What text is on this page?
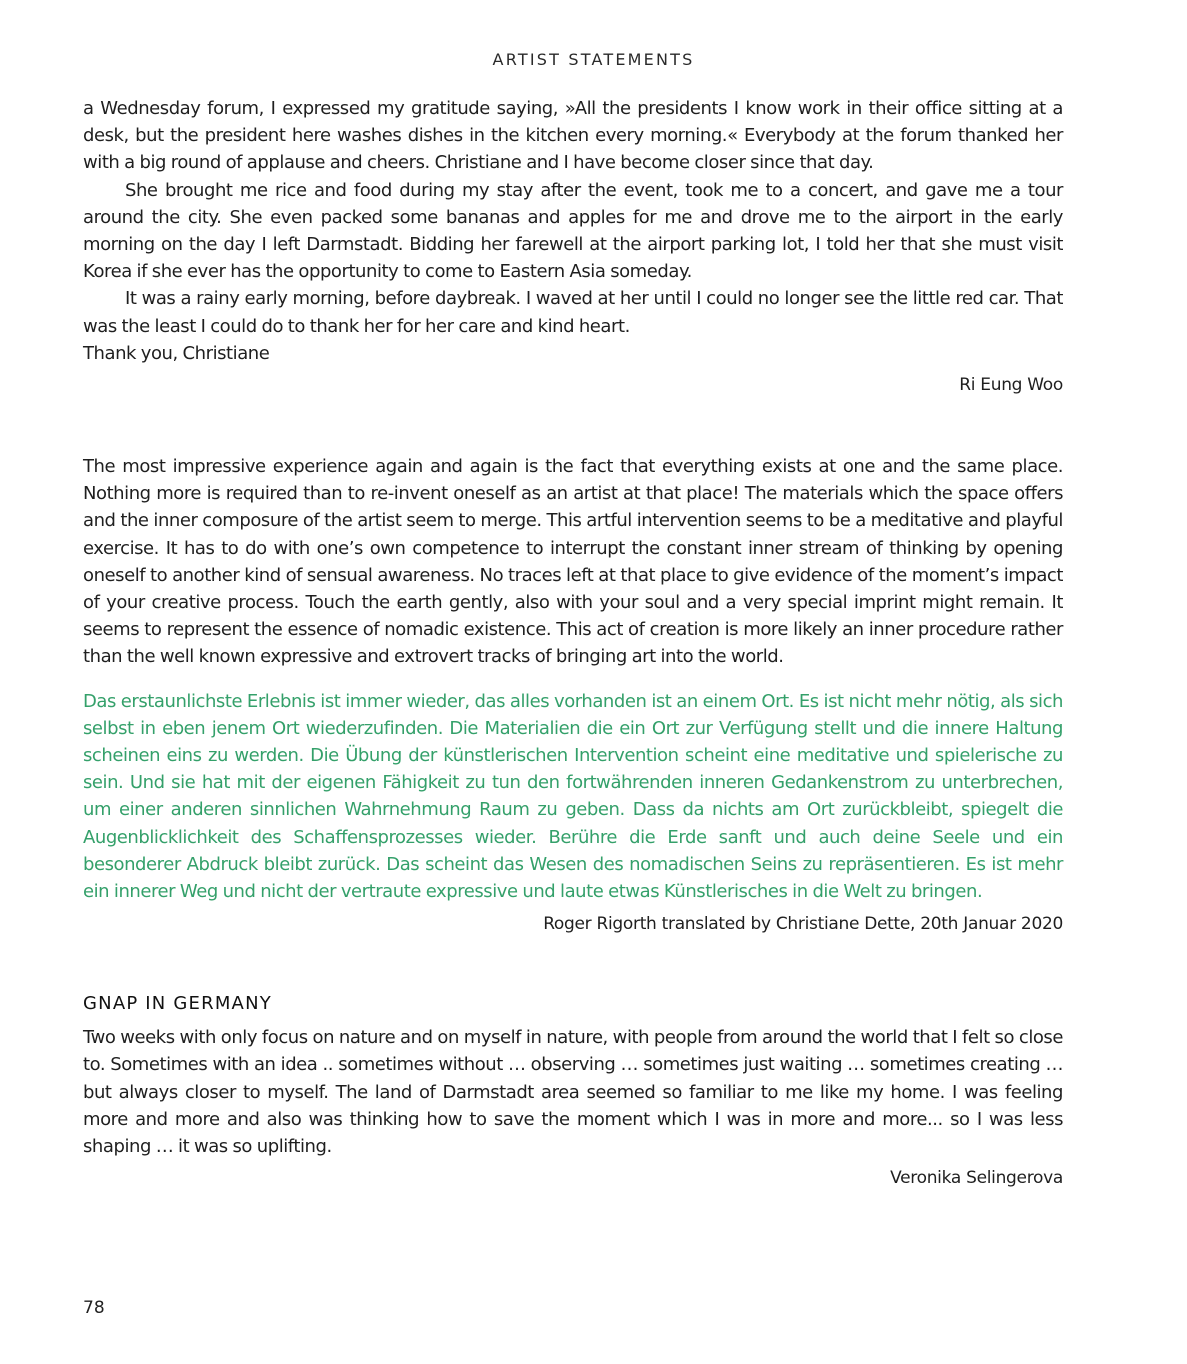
ARTIST STATEMENTS

a Wednesday forum, I expressed my gratitude saying, »All the presidents I know work in their office sitting at a desk, but the president here washes dishes in the kitchen every morning.« Everybody at the forum thanked her with a big round of applause and cheers. Christiane and I have become closer since that day.

She brought me rice and food during my stay after the event, took me to a concert, and gave me a tour around the city. She even packed some bananas and apples for me and drove me to the airport in the early morning on the day I left Darmstadt. Bidding her farewell at the airport parking lot, I told her that she must visit Korea if she ever has the opportunity to come to Eastern Asia someday.

It was a rainy early morning, before daybreak. I waved at her until I could no longer see the little red car. That was the least I could do to thank her for her care and kind heart.

Thank you, Christiane

Ri Eung Woo

The most impressive experience again and again is the fact that everything exists at one and the same place. Nothing more is required than to re-invent oneself as an artist at that place! The materials which the space offers and the inner composure of the artist seem to merge. This artful intervention seems to be a meditative and playful exercise. It has to do with one’s own competence to interrupt the constant inner stream of thinking by opening oneself to another kind of sensual awareness. No traces left at that place to give evidence of the moment’s impact of your creative process. Touch the earth gently, also with your soul and a very special imprint might remain. It seems to represent the essence of nomadic existence. This act of creation is more likely an inner procedure rather than the well known expressive and extrovert tracks of bringing art into the world.

Das erstaunlichste Erlebnis ist immer wieder, das alles vorhanden ist an einem Ort. Es ist nicht mehr nötig, als sich selbst in eben jenem Ort wiederzufinden. Die Materialien die ein Ort zur Verfügung stellt und die innere Haltung scheinen eins zu werden. Die Übung der künstlerischen Intervention scheint eine meditative und spielerische zu sein. Und sie hat mit der eigenen Fähigkeit zu tun den fortwährenden inneren Gedankenstrom zu unterbrechen, um einer anderen sinnlichen Wahrnehmung Raum zu geben. Dass da nichts am Ort zurückbleibt, spiegelt die Augenblicklichkeit des Schaffensprozesses wieder. Berühre die Erde sanft und auch deine Seele und ein besonderer Abdruck bleibt zurück. Das scheint das Wesen des nomadischen Seins zu repräsentieren. Es ist mehr ein innerer Weg und nicht der vertraute expressive und laute etwas Künstlerisches in die Welt zu bringen.

Roger Rigorth translated by Christiane Dette, 20th Januar 2020
GNAP IN GERMANY

Two weeks with only focus on nature and on myself in nature, with people from around the world that I felt so close to. Sometimes with an idea .. sometimes without … observing … sometimes just waiting … sometimes creating … but always closer to myself. The land of Darmstadt area seemed so familiar to me like my home. I was feeling more and more and also was thinking how to save the moment which I was in more and more... so I was less shaping … it was so uplifting.

Veronika Selingerova
78
